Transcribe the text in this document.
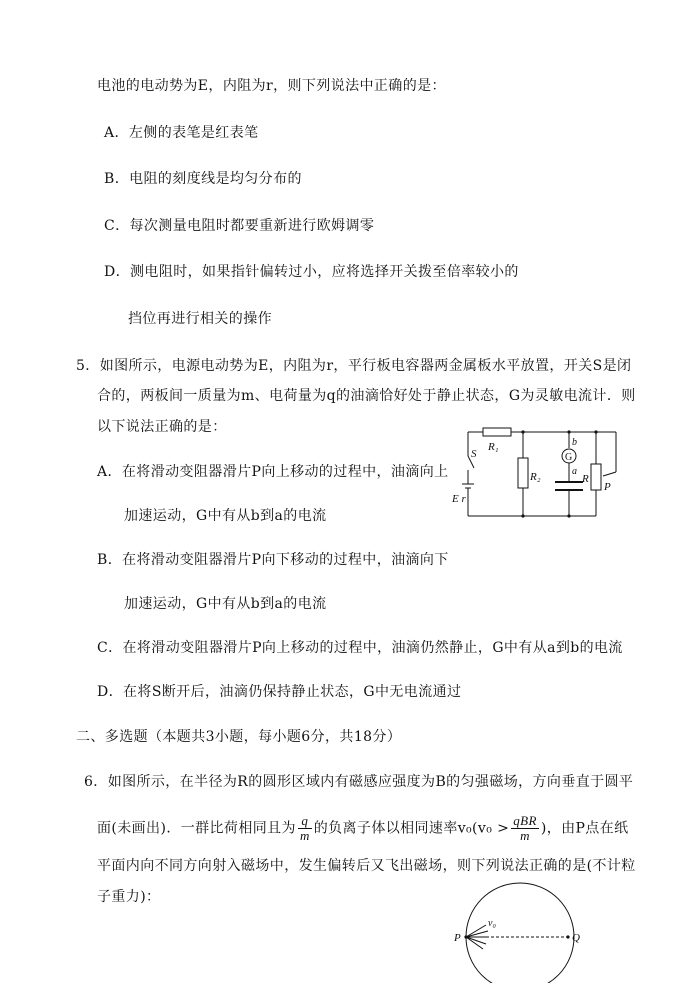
电池的电动势为E，内阻为r，则下列说法中正确的是：
A．左侧的表笔是红表笔
B．电阻的刻度线是均匀分布的
C．每次测量电阻时都要重新进行欧姆调零
D．测电阻时，如果指针偏转过小，应将选择开关拨至倍率较小的
挡位再进行相关的操作
5．如图所示，电源电动势为E，内阻为r，平行板电容器两金属板水平放置，开关S是闭
合的，两板间一质量为m、电荷量为q的油滴恰好处于静止状态，G为灵敏电流计．则
以下说法正确的是：
A．在将滑动变阻器滑片P向上移动的过程中，油滴向上
加速运动，G中有从b到a的电流
B．在将滑动变阻器滑片P向下移动的过程中，油滴向下
加速运动，G中有从b到a的电流
C．在将滑动变阻器滑片P向上移动的过程中，油滴仍然静止，G中有从a到b的电流
D．在将S断开后，油滴仍保持静止状态，G中无电流通过
R₁
S
R₂
G
b
a
R
P
E r
二、多选题（本题共3小题，每小题6分，共18分）
6．如图所示，在半径为R的圆形区域内有磁感应强度为B的匀强磁场，方向垂直于圆平
面(未画出)．一群比荷相同且为 $\frac{q}{m}$ 的负离子体以相同速率$v_0(v_0 > \frac{\text{qBR}}{m}$ )，由P点在纸
平面内向不同方向射入磁场中，发生偏转后又飞出磁场，则下列说法正确的是(不计粒
子重力)：
P	Q
v₀
